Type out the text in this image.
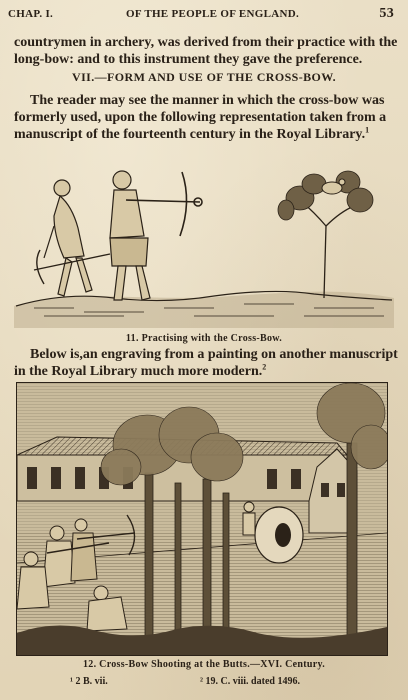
CHAP. I.	OF THE PEOPLE OF ENGLAND.	53
countrymen in archery, was derived from their practice with the
long-bow: and to this instrument they gave the preference.
VII.—FORM AND USE OF THE CROSS-BOW.
The reader may see the manner in which the cross-bow was
formerly used, upon the following representation taken from a
manuscript of the fourteenth century in the Royal Library.$^1$
11. Practising with the Cross-Bow.
Below is,an engraving from a painting on another manuscript
in the Royal Library much more modern.$^2$
12. Cross-Bow Shooting at the Butts.—XVI. Century.
¹ 2 B. vii.	² 19. C. viii. dated 1496.
